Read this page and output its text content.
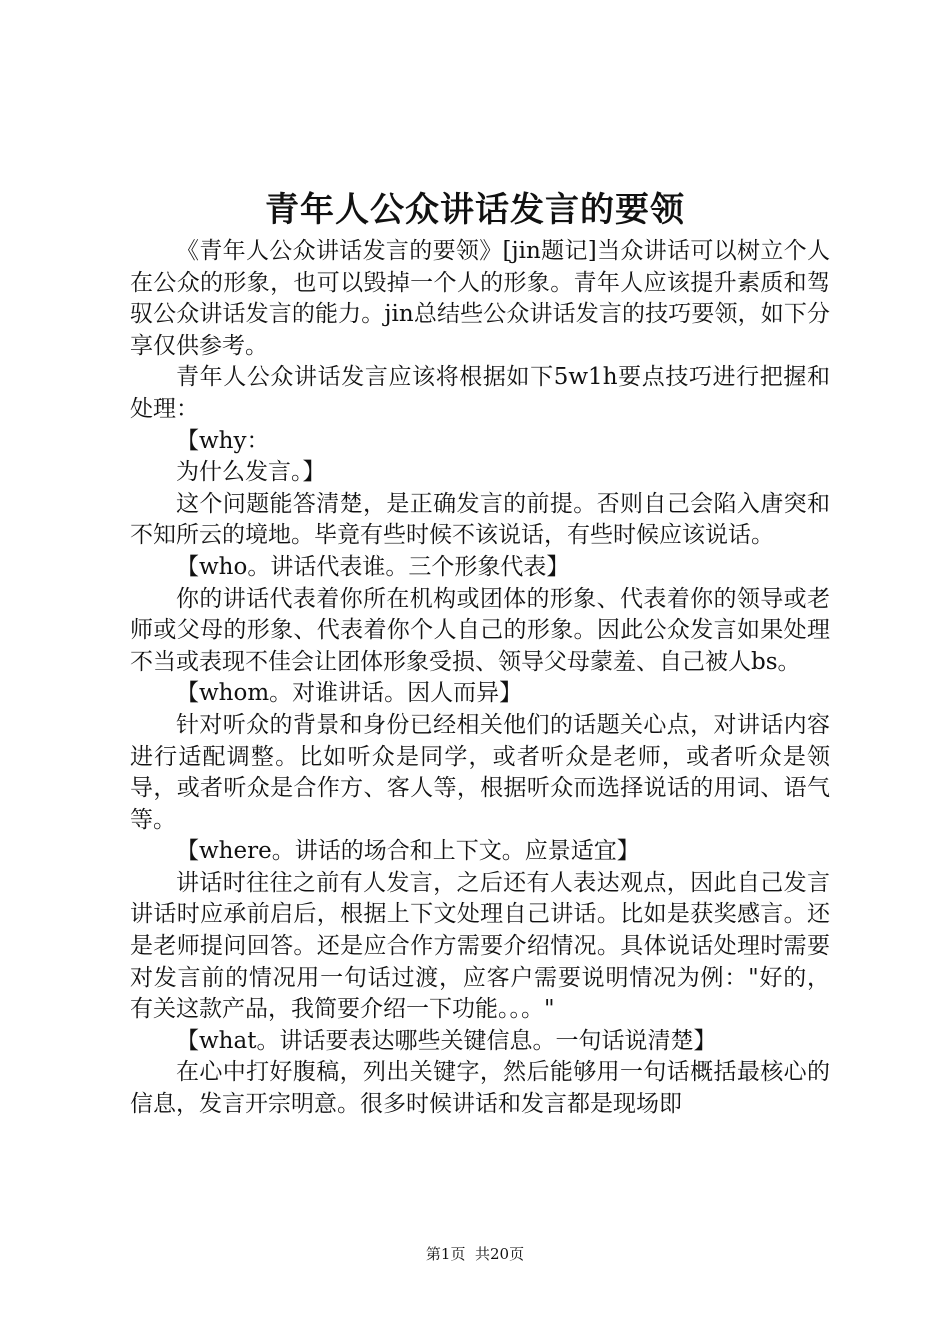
青年人公众讲话发言的要领

《青年人公众讲话发言的要领》[jin题记]当众讲话可以树立个人在公众的形象，也可以毁掉一个人的形象。青年人应该提升素质和驾驭公众讲话发言的能力。jin总结些公众讲话发言的技巧要领，如下分享仅供参考。

青年人公众讲话发言应该将根据如下5w1h要点技巧进行把握和处理：

【why：

为什么发言。】

这个问题能答清楚，是正确发言的前提。否则自己会陷入唐突和不知所云的境地。毕竟有些时候不该说话，有些时候应该说话。

【who。讲话代表谁。三个形象代表】

你的讲话代表着你所在机构或团体的形象、代表着你的领导或老师或父母的形象、代表着你个人自己的形象。因此公众发言如果处理不当或表现不佳会让团体形象受损、领导父母蒙羞、自己被人bs。

【whom。对谁讲话。因人而异】

针对听众的背景和身份已经相关他们的话题关心点，对讲话内容进行适配调整。比如听众是同学，或者听众是老师，或者听众是领导，或者听众是合作方、客人等，根据听众而选择说话的用词、语气等。

【where。讲话的场合和上下文。应景适宜】

讲话时往往之前有人发言，之后还有人表达观点，因此自己发言讲话时应承前启后，根据上下文处理自己讲话。比如是获奖感言。还是老师提问回答。还是应合作方需要介绍情况。具体说话处理时需要对发言前的情况用一句话过渡，应客户需要说明情况为例："好的，有关这款产品，我简要介绍一下功能。。。"

【what。讲话要表达哪些关键信息。一句话说清楚】

在心中打好腹稿，列出关键字，然后能够用一句话概括最核心的信息，发言开宗明意。很多时候讲话和发言都是现场即

第1页 共20页
